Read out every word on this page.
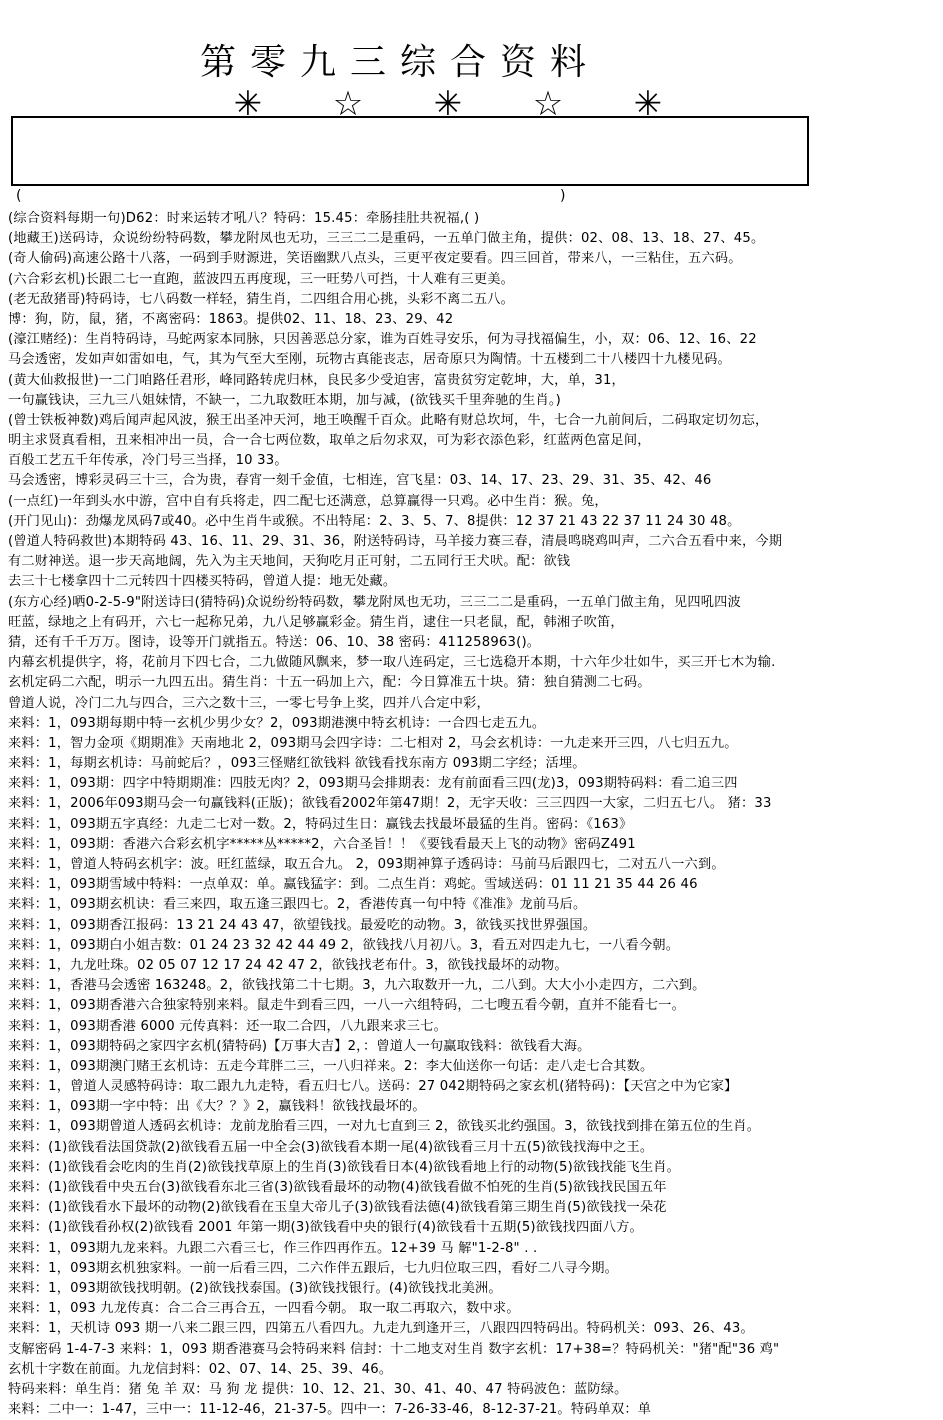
第零九三综合资料
✳ ☆ ✳ ☆ ✳
(	)
(综合资料每期一句)D62：时来运转才吼八？特码：15.45：牵肠挂肚共祝福,( )
(地藏王)送码诗，众说纷纷特码数，攀龙附凤也无功，三三二二是重码，一五单门做主角，提供：02、08、13、18、27、45。
(奇人偷码)高速公路十八落，一码到手财源进，笑语幽默八点头，三更平夜定要看。四三回首，带来八，一三粘住，五六码。
(六合彩玄机)长跟二七一直跑，蓝波四五再度现，三一旺势八可挡，十人难有三更美。
(老无敌猪哥)特码诗，七八码数一样轻，猜生肖，二四组合用心挑，头彩不离二五八。
博：狗，防，鼠，猪，不离密码：1863。提供02、11、18、23、29、42
(濠江赌经)：生肖特码诗，马蛇两家本同脉，只因善恶总分家，谁为百姓寻安乐，何为寻找福偏生，小，双：06、12、16、22
马会透密，发如声如雷如电，气，其为气至大至刚，玩物古真能丧志，居奇原只为陶情。十五楼到二十八楼四十九楼见码。
(黄大仙救报世)一二门咱路任君形，峰同路转虎归林，良民多少受迫害，富贵贫穷定乾坤，大，单，31，
一句赢钱诀，三九三八姐妹情，不缺一，二九取数旺本期，加与减，(欲钱买千里奔驰的生肖。)
(曾士铁板神数)鸡后闻声起风波，猴王出圣冲天河，地王唤醒千百众。此略有财总坎坷，牛，七合一九前间后，二码取定切勿忘，
明主求贤真看相，丑来相冲出一员，合一合七两位数，取单之后勿求双，可为彩衣添色彩，红蓝两色富足间，
百般工艺五千年传承，冷门号三当择，10 33。
马会透密，博彩灵码三十三，合为贵，春宵一刻千金值，七相连，宫飞星：03、14、17、23、29、31、35、42、46
(一点红)一年到头水中游，宫中自有兵将走，四二配七还满意，总算赢得一只鸡。必中生肖：猴。兔，
(开门见山)：劲爆龙凤码7或40。必中生肖牛或猴。不出特尾：2、3、5、7、8提供：12 37 21 43 22 37 11 24 30 48。
(曾道人特码救世)本期特码 43、16、11、29、31、36，附送特码诗，马羊接力赛三春，清晨鸣晓鸡叫声，二六合五看中来，今期
有二财神送。退一步天高地阔，先入为主天地间，天狗吃月正可射，二五同行王犬吠。配：欲钱
去三十七楼拿四十二元转四十四楼买特码，曾道人提：地无处藏。
(东方心经)哂0-2-5-9"附送诗曰(猜特码)众说纷纷特码数，攀龙附凤也无功，三三二二是重码，一五单门做主角，见四吼四波
旺蓝，绿地之上有码开，六七一起称兄弟，九八足够赢彩金。猜生肖，逮住一只老鼠，配，韩湘子吹笛，
猜，还有千千万万。图诗，设等开门就指五。特送：06、10、38 密码：411258963()。
内幕玄机提供字，将，花前月下四七合，二九做随风飘来，梦一取八连码定，三七选稳开本期，十六年少壮如牛，买三开七木为输.
玄机定码二六配，明示一九四五出。猜生肖：十五一码加上六，配：今日算准五十块。猜：独自猜测二七码。
曾道人说，冷门二九与四合，三六之数十三，一零七号争上奖，四并八合定中彩，
来料：1，093期每期中特一玄机少男少女？2，093期港澳中特玄机诗：一合四七走五九。
来料：1，智力金项《期期准》天南地北 2，093期马会四字诗：二七相对 2，马会玄机诗：一九走来开三四，八七归五九。
来料：1，每期玄机诗：马前蛇后？，093三怪赌红欲钱料 欲钱看找东南方 093期二字经；活埋。
来料：1，093期：四字中特期期准：四肢无肉？2，093期马会排期表：龙有前面看三四(龙)3，093期特码料：看二追三四
来料：1，2006年093期马会一句赢钱料(正版)；欲钱看2002年第47期！2，无字天收：三三四四一大家，二归五七八。 猪：33
来料：1，093期五字真经：九走二七对一数。2，特码过生日：赢钱去找最坏最猛的生肖。密码：《163》
来料：1，093期：香港六合彩玄机字*****丛*****2，六合圣旨！！《要钱看最天上飞的动物》密码Z491
来料：1，曾道人特码玄机字：波。旺红蓝绿，取五合九。 2，093期神算子透码诗：马前马后跟四七，二对五八一六到。
来料：1，093期雪域中特料：一点单双：单。赢钱猛字：到。二点生肖：鸡蛇。雪域送码：01 11 21 35 44 26 46
来料：1，093期玄机诀：看三来四，取五逢三跟四七。2，香港传真一句中特《准准》龙前马后。
来料：1，093期香江报码：13 21 24 43 47，欲望钱找。最爱吃的动物。3，欲钱买找世界强国。
来料：1，093期白小姐吉数：01 24 23 32 42 44 49 2，欲钱找八月初八。3，看五对四走九七，一八看今朝。
来料：1，九龙吐珠。02 05 07 12 17 24 42 47 2，欲钱找老布什。3，欲钱找最坏的动物。
来料：1，香港马会透密 163248。2，欲钱找第二十七期。3，九六取数开一九，二八到。大大小小走四方，二六到。
来料：1，093期香港六合独家特别来料。鼠走牛到看三四，一八一六组特码，二七嗖五看今朝，直并不能看七一。
来料：1，093期香港 6000 元传真料：还一取二合四，八九跟来求三七。
来料：1，093期特码之家四字玄机(猜特码)【万事大吉】2，：曾道人一句赢取钱料：欲钱看大海。
来料：1，093期澳门赌王玄机诗：五走今茸胖二三，一八归祥来。2：李大仙送你一句话：走八走七合其数。
来料：1，曾道人灵感特码诗：取二跟九九走特，看五归七八。送码：27 042期特码之家玄机(猪特码)：【天宫之中为它家】
来料：1，093期一字中特：出《大？？》2，赢钱料！欲钱找最坏的。
来料：1，093期曾道人透码玄机诗：龙前龙胎看三四，一对九七直到三 2，欲钱买北约强国。3，欲钱找到排在第五位的生肖。
来料：(1)欲钱看法国贷款(2)欲钱看五届一中全会(3)欲钱看本期一尾(4)欲钱看三月十五(5)欲钱找海中之王。
来料：(1)欲钱看会吃肉的生肖(2)欲钱找草原上的生肖(3)欲钱看日本(4)欲钱看地上行的动物(5)欲钱找能飞生肖。
来料：(1)欲钱看中央五台(3)欲钱看东北三省(3)欲钱看最坏的动物(4)欲钱看做不怕死的生肖(5)欲钱找民国五年
来料：(1)欲钱看水下最坏的动物(2)欲钱看在玉皇大帝儿子(3)欲钱看法德(4)欲钱看第三期生肖(5)欲钱找一朵花
来料：(1)欲钱看孙权(2)欲钱看 2001 年第一期(3)欲钱看中央的银行(4)欲钱看十五期(5)欲钱找四面八方。
来料：1，093期九龙来料。九跟二六看三七，作三作四再作五。12+39 马 解"1-2-8" . .
来料：1，093期玄机独家料。一前一后看三四，二六作伴五跟后，七九归位取三四，看好二八寻今期。
来料：1，093期欲钱找明朝。(2)欲钱找泰国。(3)欲钱找银行。(4)欲钱找北美洲。
来料：1，093 九龙传真：合二合三再合五，一四看今朝。 取一取二再取六，数中求。
来料：1，天机诗 093 期一八来二跟三四，四第五八看四九。九走九到逢开三，八跟四四特码出。特码机关：093、26、43。
支解密码 1-4-7-3 来料：1，093 期香港赛马会特码来料 信封：十二地支对生肖 数字玄机：17+38=？特码机关："猪"配"36 鸡"
玄机十字数在前面。九龙信封料：02、07、14、25、39、46。
特码来料：单生肖：猪 兔 羊 双：马 狗 龙 提供：10、12、21、30、41、40、47 特码波色：蓝防绿。
来料：二中一：1-47，三中一：11-12-46，21-37-5。四中一：7-26-33-46，8-12-37-21。特码单双：单
